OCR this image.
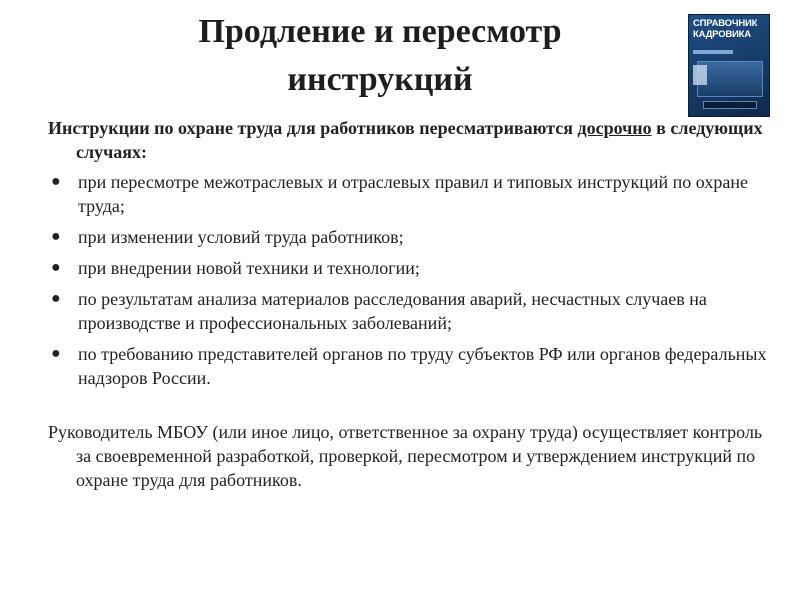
Продление и пересмотр
инструкций
СПРАВОЧНИК
КАДРОВИКА

Инструкции по охране труда для работников пересматриваются досрочно в следующих случаях:

● при пересмотре межотраслевых и отраслевых правил и типовых инструкций по охране труда;
● при изменении условий труда работников;
● при внедрении новой техники и технологии;
● по результатам анализа материалов расследования аварий, несчастных случаев на производстве и профессиональных заболеваний;
● по требованию представителей органов по труду субъектов РФ или органов федеральных надзоров России.

Руководитель МБОУ (или иное лицо, ответственное за охрану труда) осуществляет контроль за своевременной разработкой, проверкой, пересмотром и утверждением инструкций по охране труда для работников.
